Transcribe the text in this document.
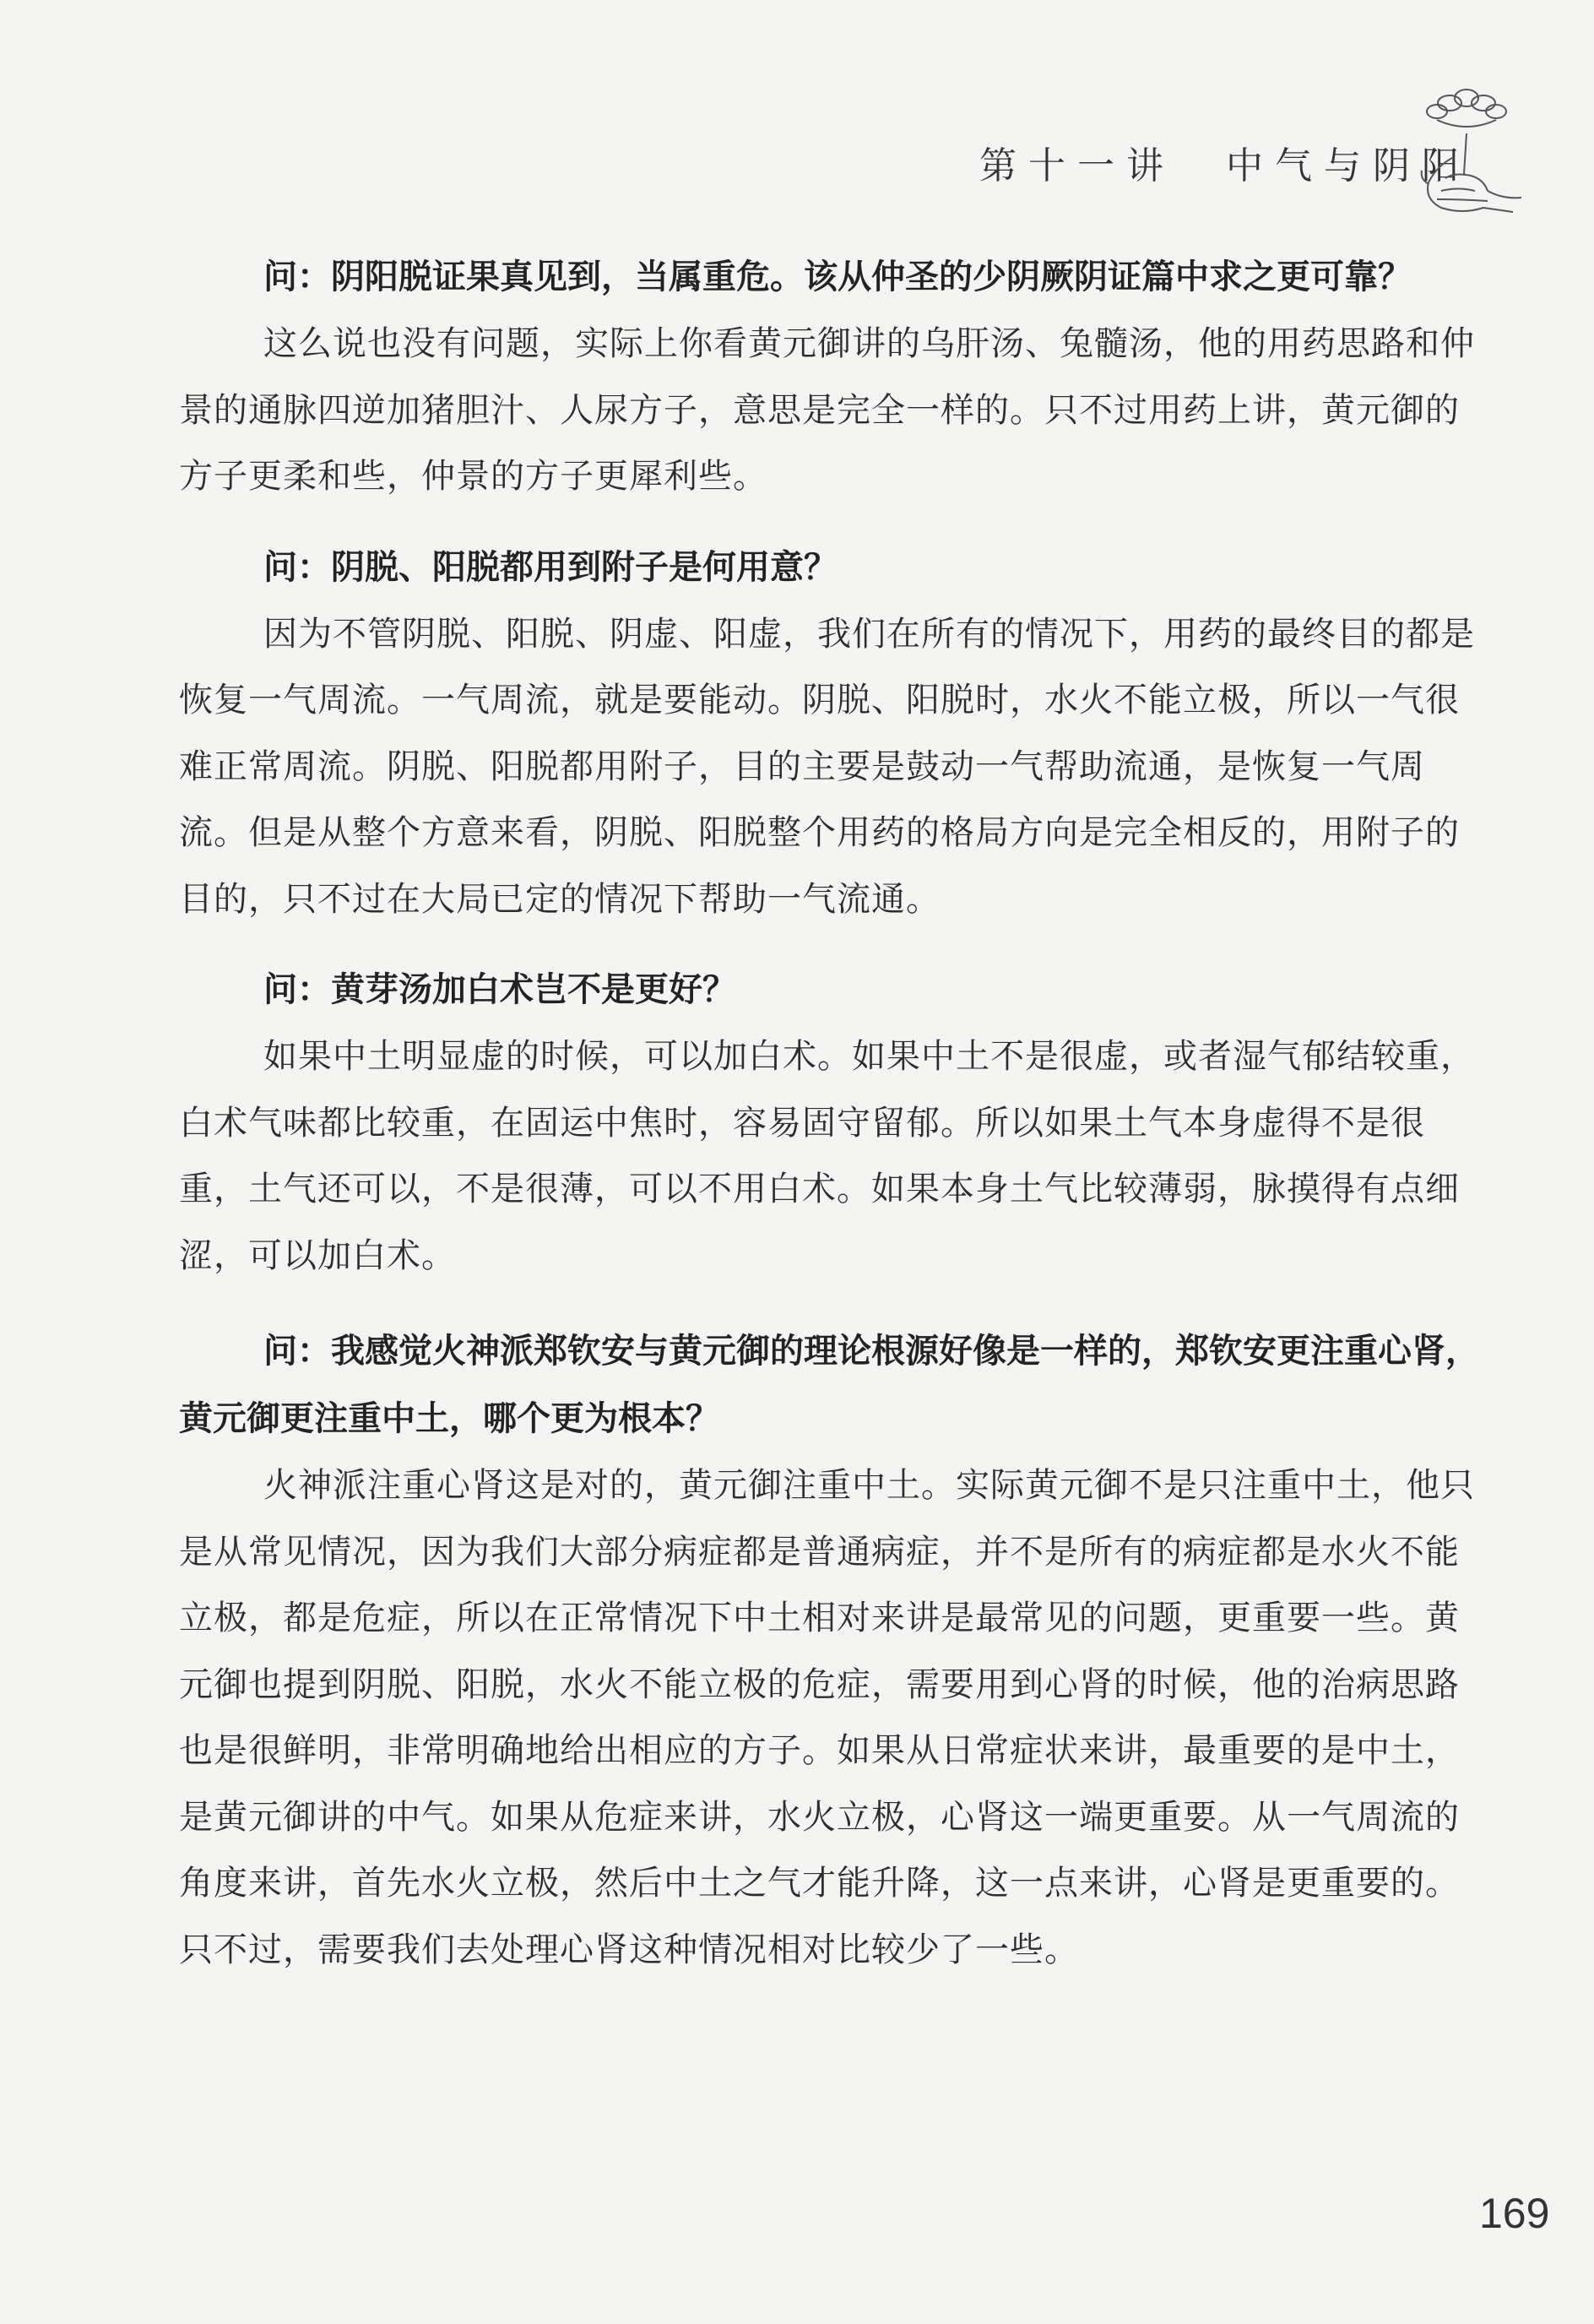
第十一讲 中气与阴阳

问：阴阳脱证果真见到，当属重危。该从仲圣的少阴厥阴证篇中求之更可靠？

这么说也没有问题，实际上你看黄元御讲的乌肝汤、兔髓汤，他的用药思路和仲景的通脉四逆加猪胆汁、人尿方子，意思是完全一样的。只不过用药上讲，黄元御的方子更柔和些，仲景的方子更犀利些。

问：阴脱、阳脱都用到附子是何用意？

因为不管阴脱、阳脱、阴虚、阳虚，我们在所有的情况下，用药的最终目的都是恢复一气周流。一气周流，就是要能动。阴脱、阳脱时，水火不能立极，所以一气很难正常周流。阴脱、阳脱都用附子，目的主要是鼓动一气帮助流通，是恢复一气周流。但是从整个方意来看，阴脱、阳脱整个用药的格局方向是完全相反的，用附子的目的，只不过在大局已定的情况下帮助一气流通。

问：黄芽汤加白术岂不是更好？

如果中土明显虚的时候，可以加白术。如果中土不是很虚，或者湿气郁结较重，白术气味都比较重，在固运中焦时，容易固守留郁。所以如果土气本身虚得不是很重，土气还可以，不是很薄，可以不用白术。如果本身土气比较薄弱，脉摸得有点细涩，可以加白术。

问：我感觉火神派郑钦安与黄元御的理论根源好像是一样的，郑钦安更注重心肾，黄元御更注重中土，哪个更为根本？

火神派注重心肾这是对的，黄元御注重中土。实际黄元御不是只注重中土，他只是从常见情况，因为我们大部分病症都是普通病症，并不是所有的病症都是水火不能立极，都是危症，所以在正常情况下中土相对来讲是最常见的问题，更重要一些。黄元御也提到阴脱、阳脱，水火不能立极的危症，需要用到心肾的时候，他的治病思路也是很鲜明，非常明确地给出相应的方子。如果从日常症状来讲，最重要的是中土，是黄元御讲的中气。如果从危症来讲，水火立极，心肾这一端更重要。从一气周流的角度来讲，首先水火立极，然后中土之气才能升降，这一点来讲，心肾是更重要的。只不过，需要我们去处理心肾这种情况相对比较少了一些。

169
